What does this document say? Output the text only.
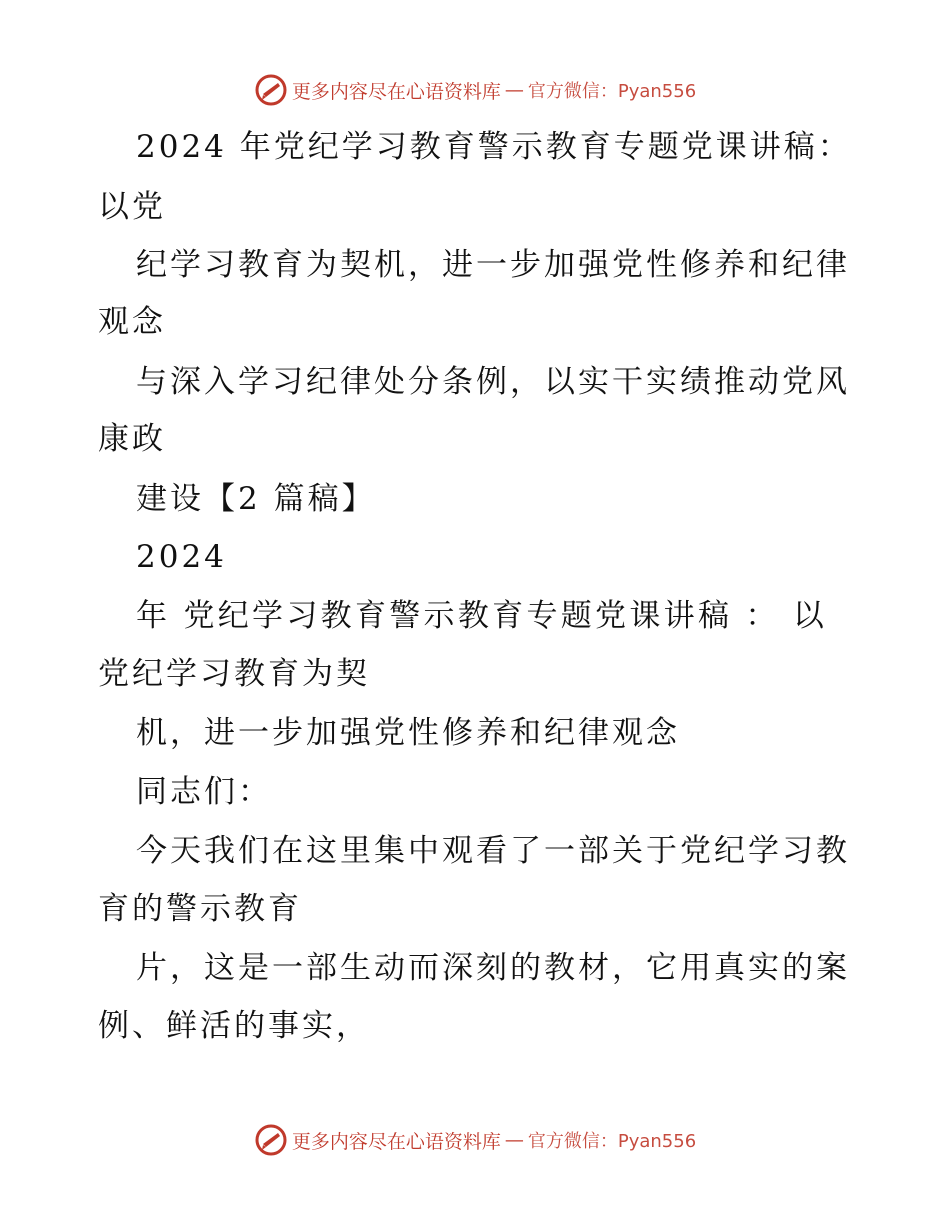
更多内容尽在心语资料库 — 官方微信：Pyan556
2024 年党纪学习教育警示教育专题党课讲稿：
以党
纪学习教育为契机，进一步加强党性修养和纪律
观念
与深入学习纪律处分条例，以实干实绩推动党风
康政
建设【2 篇稿】
2024
年 党纪学习教育警示教育专题党课讲稿 ： 以
党纪学习教育为契
机，进一步加强党性修养和纪律观念
同志们：
今天我们在这里集中观看了一部关于党纪学习教
育的警示教育
片，这是一部生动而深刻的教材，它用真实的案
例、鲜活的事实，
更多内容尽在心语资料库 — 官方微信：Pyan556
